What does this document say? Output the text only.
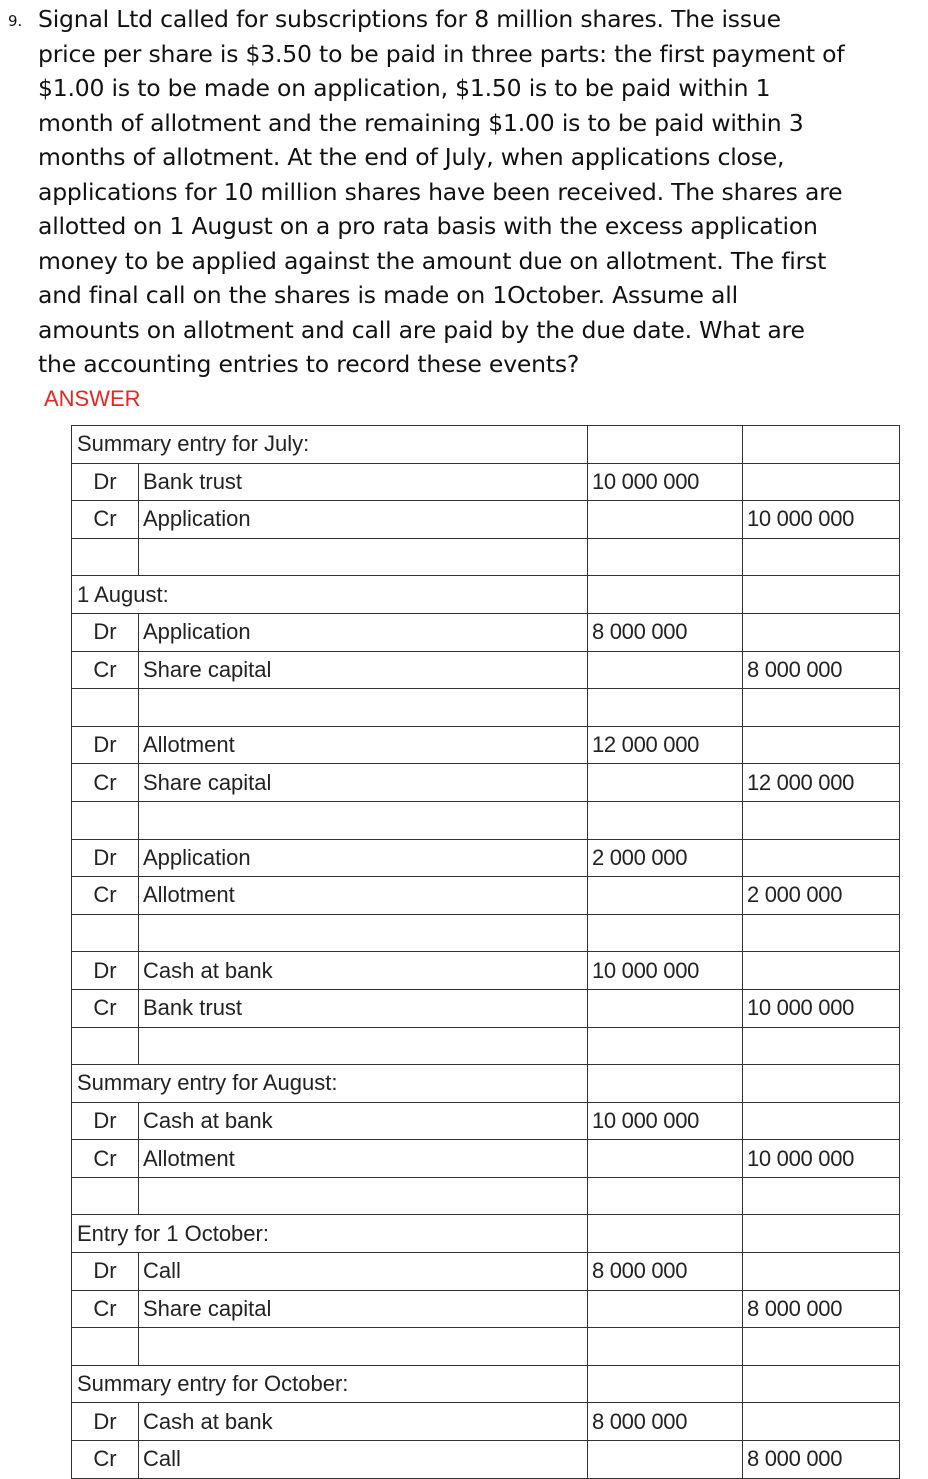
9. Signal Ltd called for subscriptions for 8 million shares. The issue
price per share is $3.50 to be paid in three parts: the first payment of
$1.00 is to be made on application, $1.50 is to be paid within 1
month of allotment and the remaining $1.00 is to be paid within 3
months of allotment. At the end of July, when applications close,
applications for 10 million shares have been received. The shares are
allotted on 1 August on a pro rata basis with the excess application
money to be applied against the amount due on allotment. The first
and final call on the shares is made on 1October. Assume all
amounts on allotment and call are paid by the due date. What are
the accounting entries to record these events?
ANSWER
Summary entry for July:			
Dr	Bank trust	10 000 000	
Cr	Application		10 000 000

1 August:			
Dr	Application	8 000 000	
Cr	Share capital		8 000 000

Dr	Allotment	12 000 000	
Cr	Share capital		12 000 000

Dr	Application	2 000 000	
Cr	Allotment		2 000 000

Dr	Cash at bank	10 000 000	
Cr	Bank trust		10 000 000

Summary entry for August:			
Dr	Cash at bank	10 000 000	
Cr	Allotment		10 000 000

Entry for 1 October:			
Dr	Call	8 000 000	
Cr	Share capital		8 000 000

Summary entry for October:			
Dr	Cash at bank	8 000 000	
Cr	Call		8 000 000
